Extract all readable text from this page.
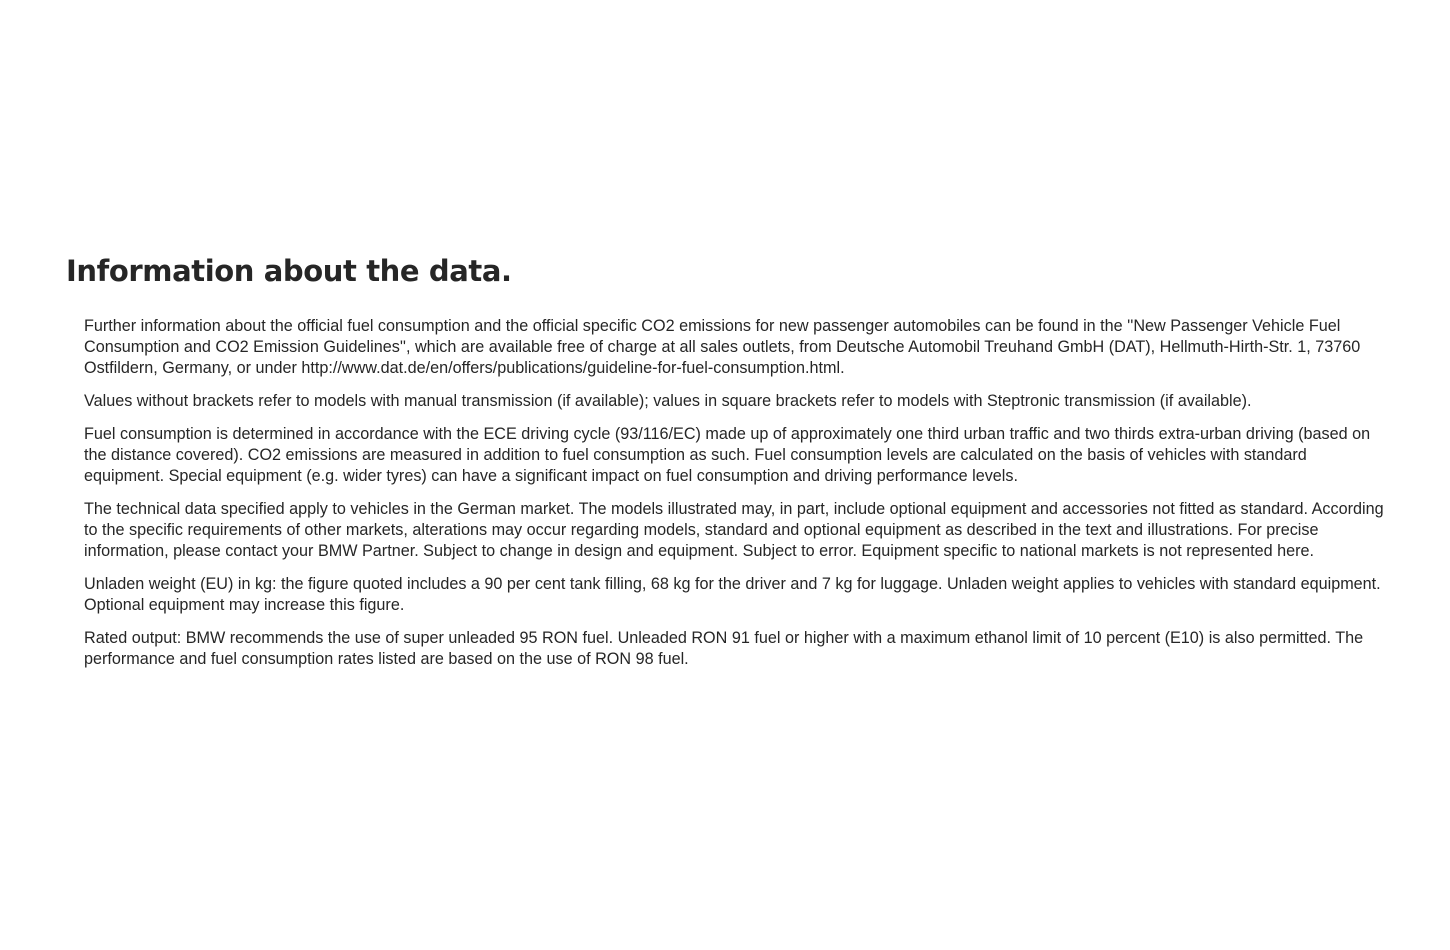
Information about the data.

Further information about the official fuel consumption and the official specific CO2 emissions for new passenger automobiles can be found in the ''New Passenger Vehicle Fuel Consumption and CO2 Emission Guidelines'', which are available free of charge at all sales outlets, from Deutsche Automobil Treuhand GmbH (DAT), Hellmuth-Hirth-Str. 1, 73760 Ostfildern, Germany, or under http://www.dat.de/en/offers/publications/guideline-for-fuel-consumption.html.

Values without brackets refer to models with manual transmission (if available); values in square brackets refer to models with Steptronic transmission (if available).

Fuel consumption is determined in accordance with the ECE driving cycle (93/116/EC) made up of approximately one third urban traffic and two thirds extra-urban driving (based on the distance covered). CO2 emissions are measured in addition to fuel consumption as such. Fuel consumption levels are calculated on the basis of vehicles with standard equipment. Special equipment (e.g. wider tyres) can have a significant impact on fuel consumption and driving performance levels.

The technical data specified apply to vehicles in the German market. The models illustrated may, in part, include optional equipment and accessories not fitted as standard. According to the specific requirements of other markets, alterations may occur regarding models, standard and optional equipment as described in the text and illustrations. For precise information, please contact your BMW Partner. Subject to change in design and equipment. Subject to error. Equipment specific to national markets is not represented here.

Unladen weight (EU) in kg: the figure quoted includes a 90 per cent tank filling, 68 kg for the driver and 7 kg for luggage. Unladen weight applies to vehicles with standard equipment. Optional equipment may increase this figure.

Rated output: BMW recommends the use of super unleaded 95 RON fuel. Unleaded RON 91 fuel or higher with a maximum ethanol limit of 10 percent (E10) is also permitted. The performance and fuel consumption rates listed are based on the use of RON 98 fuel.
